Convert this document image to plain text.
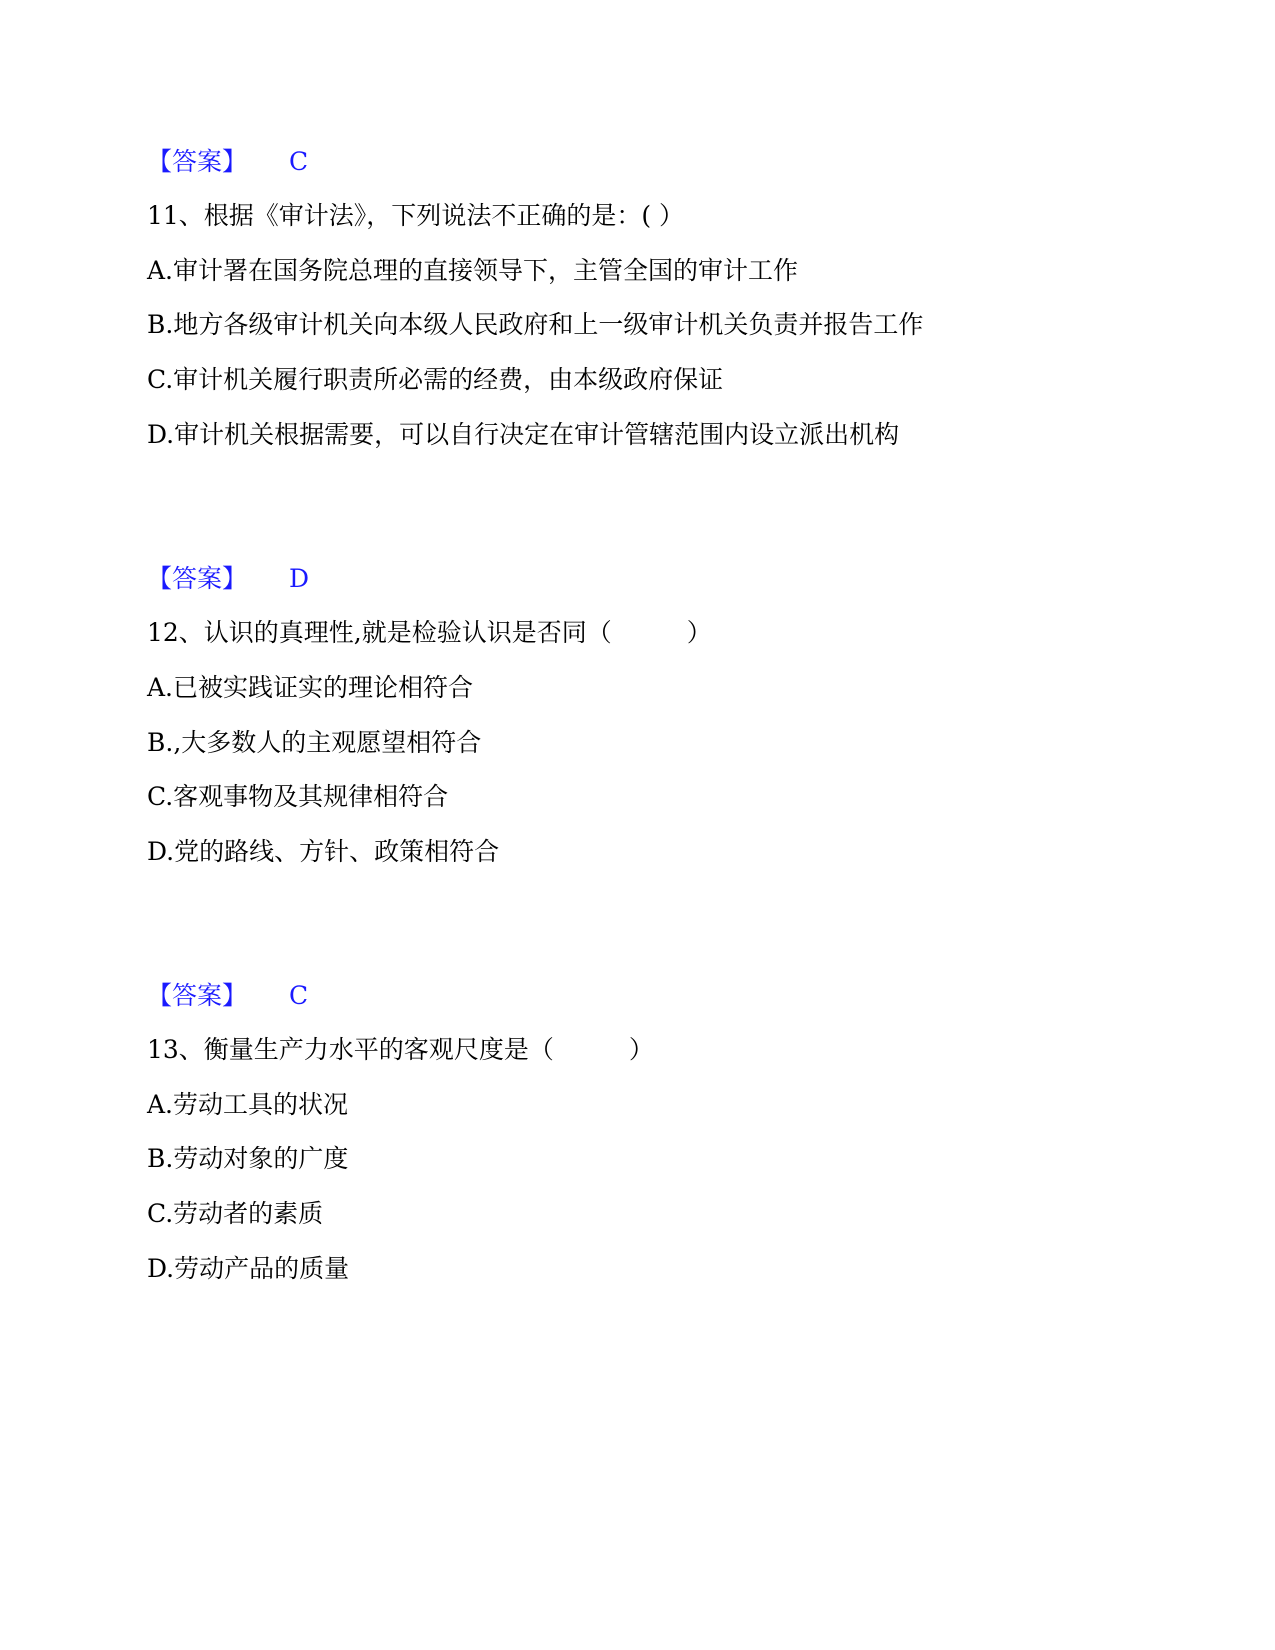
【答案】 C
11、根据《审计法》，下列说法不正确的是：( ）
A.审计署在国务院总理的直接领导下，主管全国的审计工作
B.地方各级审计机关向本级人民政府和上一级审计机关负责并报告工作
C.审计机关履行职责所必需的经费，由本级政府保证
D.审计机关根据需要，可以自行决定在审计管辖范围内设立派出机构
【答案】 D
12、认识的真理性,就是检验认识是否同（　　　）
A.已被实践证实的理论相符合
B.,大多数人的主观愿望相符合
C.客观事物及其规律相符合
D.党的路线、方针、政策相符合
【答案】 C
13、衡量生产力水平的客观尺度是（　　　）
A.劳动工具的状况
B.劳动对象的广度
C.劳动者的素质
D.劳动产品的质量
